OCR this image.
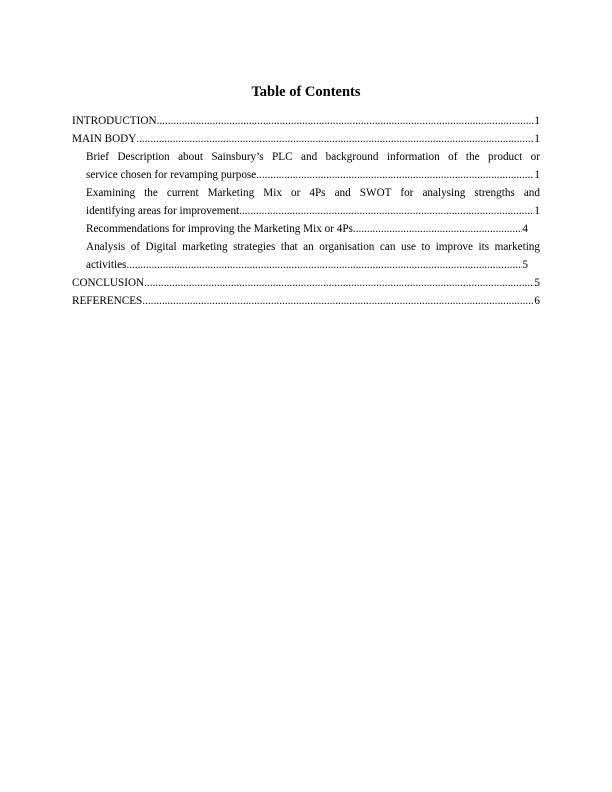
Table of Contents
INTRODUCTION .....	1
MAIN BODY .....	1
Brief Description about Sainsbury’s PLC and background information of the product or
service chosen for revamping purpose .....	1
Examining the current Marketing Mix or 4Ps and SWOT for analysing strengths and
identifying areas for improvement .....	1
Recommendations for improving the Marketing Mix or 4Ps .....	4
Analysis of Digital marketing strategies that an organisation can use to improve its marketing
activities .....	5
CONCLUSION .....	5
REFERENCES .....	6
